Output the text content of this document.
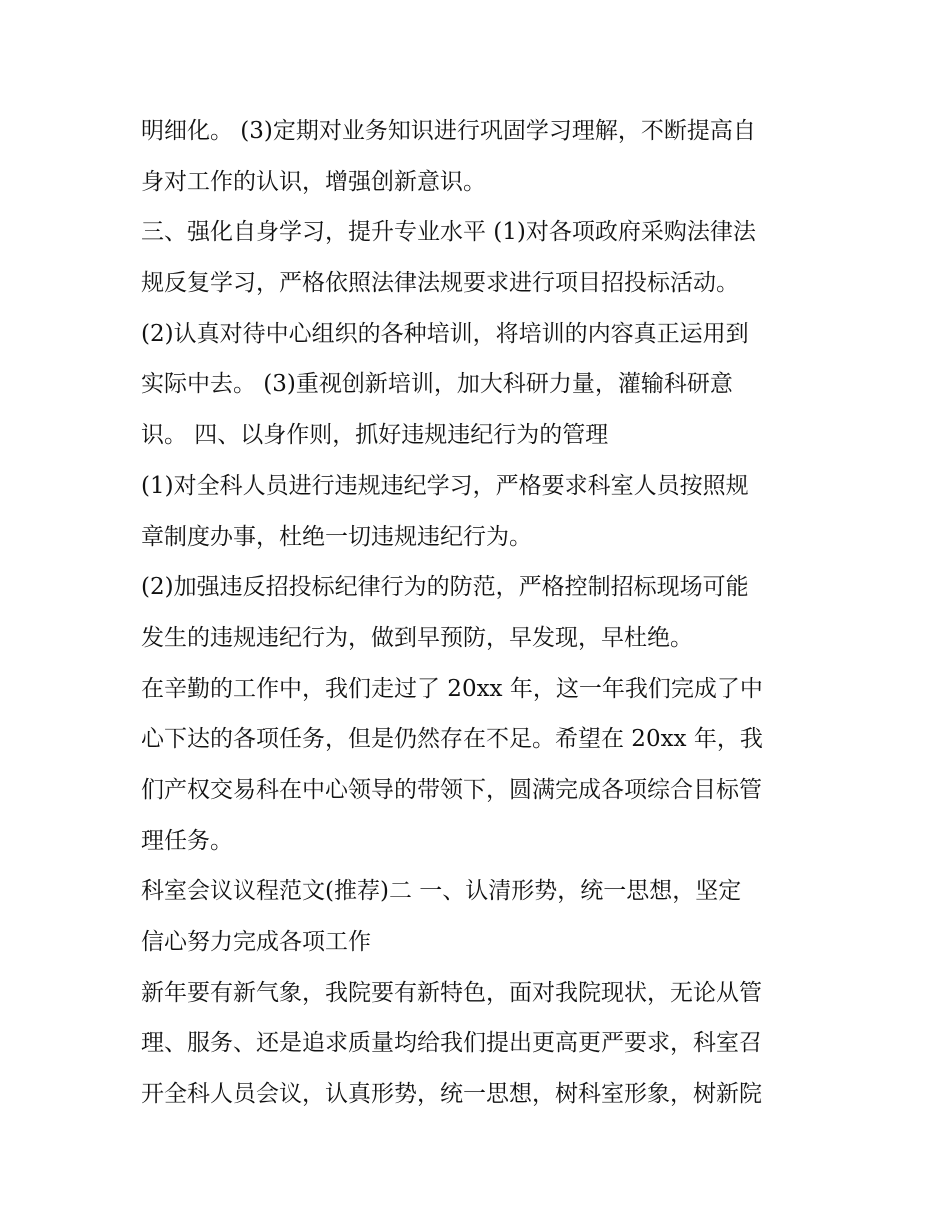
明细化。 (3)定期对业务知识进行巩固学习理解，不断提高自
身对工作的认识，增强创新意识。
三、强化自身学习，提升专业水平 (1)对各项政府采购法律法
规反复学习，严格依照法律法规要求进行项目招投标活动。
(2)认真对待中心组织的各种培训，将培训的内容真正运用到
实际中去。 (3)重视创新培训，加大科研力量，灌输科研意
识。 四、以身作则，抓好违规违纪行为的管理
(1)对全科人员进行违规违纪学习，严格要求科室人员按照规
章制度办事，杜绝一切违规违纪行为。
(2)加强违反招投标纪律行为的防范，严格控制招标现场可能
发生的违规违纪行为，做到早预防，早发现，早杜绝。
在辛勤的工作中，我们走过了 20xx 年，这一年我们完成了中
心下达的各项任务，但是仍然存在不足。希望在 20xx 年，我
们产权交易科在中心领导的带领下，圆满完成各项综合目标管
理任务。
科室会议议程范文(推荐)二 一、认清形势，统一思想，坚定
信心努力完成各项工作
新年要有新气象，我院要有新特色，面对我院现状，无论从管
理、服务、还是追求质量均给我们提出更高更严要求，科室召
开全科人员会议，认真形势，统一思想，树科室形象，树新院
